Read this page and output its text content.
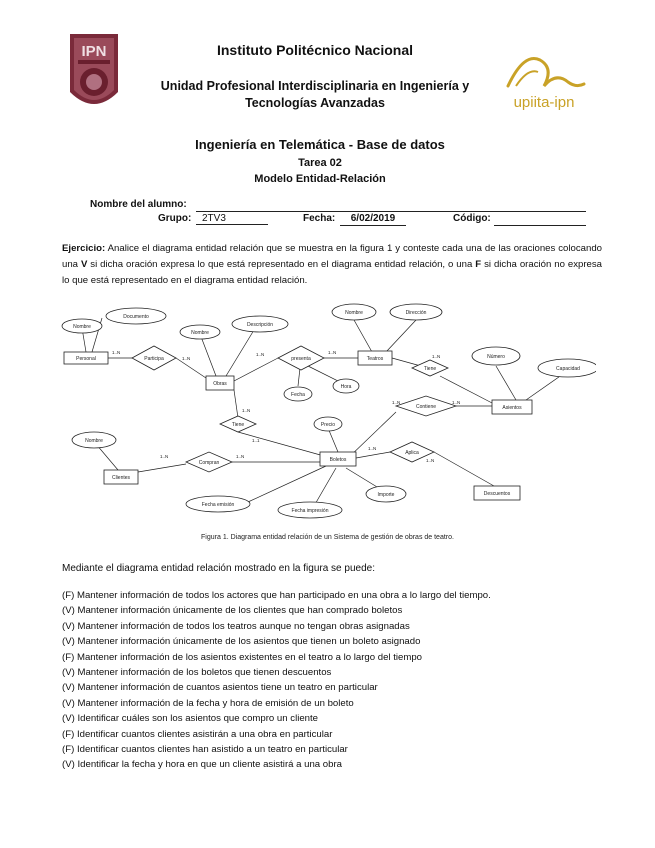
IPN
upiita-ipn
Instituto Politécnico Nacional
Unidad Profesional Interdisciplinaria en Ingeniería y
Tecnologías Avanzadas
Ingeniería en Telemática - Base de datos
Tarea 02
Modelo Entidad-Relación
Nombre del alumno:
Grupo:	2TV3	Fecha:	6/02/2019	Código:
Ejercicio: Analice el diagrama entidad relación que se muestra en la figura 1 y conteste cada una de las oraciones colocando una V si dicha oración expresa lo que está representado en el diagrama entidad relación, o una F si dicha oración no expresa lo que está representado en el diagrama entidad relación.
Personal
Obras
Teatros
Asientos
Clientes
Boletos
Descuentos
Participa	presenta
Tiene
Tiene
Contiene
Compran
Aplica
Nombre
Documento
Nombre
Descripción
Nombre	Dirección
Fecha
Hora
Número
Capacidad
Precio
Nombre
Fecha emisión
Fecha impresión
Importe
1..N
1..N
1..N	1..N
1..N
1..N
1..N	1..N
1..N	1..N
1..N
1..N
1..1
Figura 1. Diagrama entidad relación de un Sistema de gestión de obras de teatro.
Mediante el diagrama entidad relación mostrado en la figura se puede:
(F) Mantener información de todos los actores que han participado en una obra a lo largo del tiempo.
(V) Mantener información únicamente de los clientes que han comprado boletos
(V) Mantener información de todos los teatros aunque no tengan obras asignadas
(V) Mantener información únicamente de los asientos que tienen un boleto asignado
(F) Mantener información de los asientos existentes en el teatro a lo largo del tiempo
(V) Mantener información de los boletos que tienen descuentos
(V) Mantener información de cuantos asientos tiene un teatro en particular
(V) Mantener información de la fecha y hora de emisión de un boleto
(V) Identificar cuáles son los asientos que compro un cliente
(F) Identificar cuantos clientes asistirán a una obra en particular
(F) Identificar cuantos clientes han asistido a un teatro en particular
(V) Identificar la fecha y hora en que un cliente asistirá a una obra
